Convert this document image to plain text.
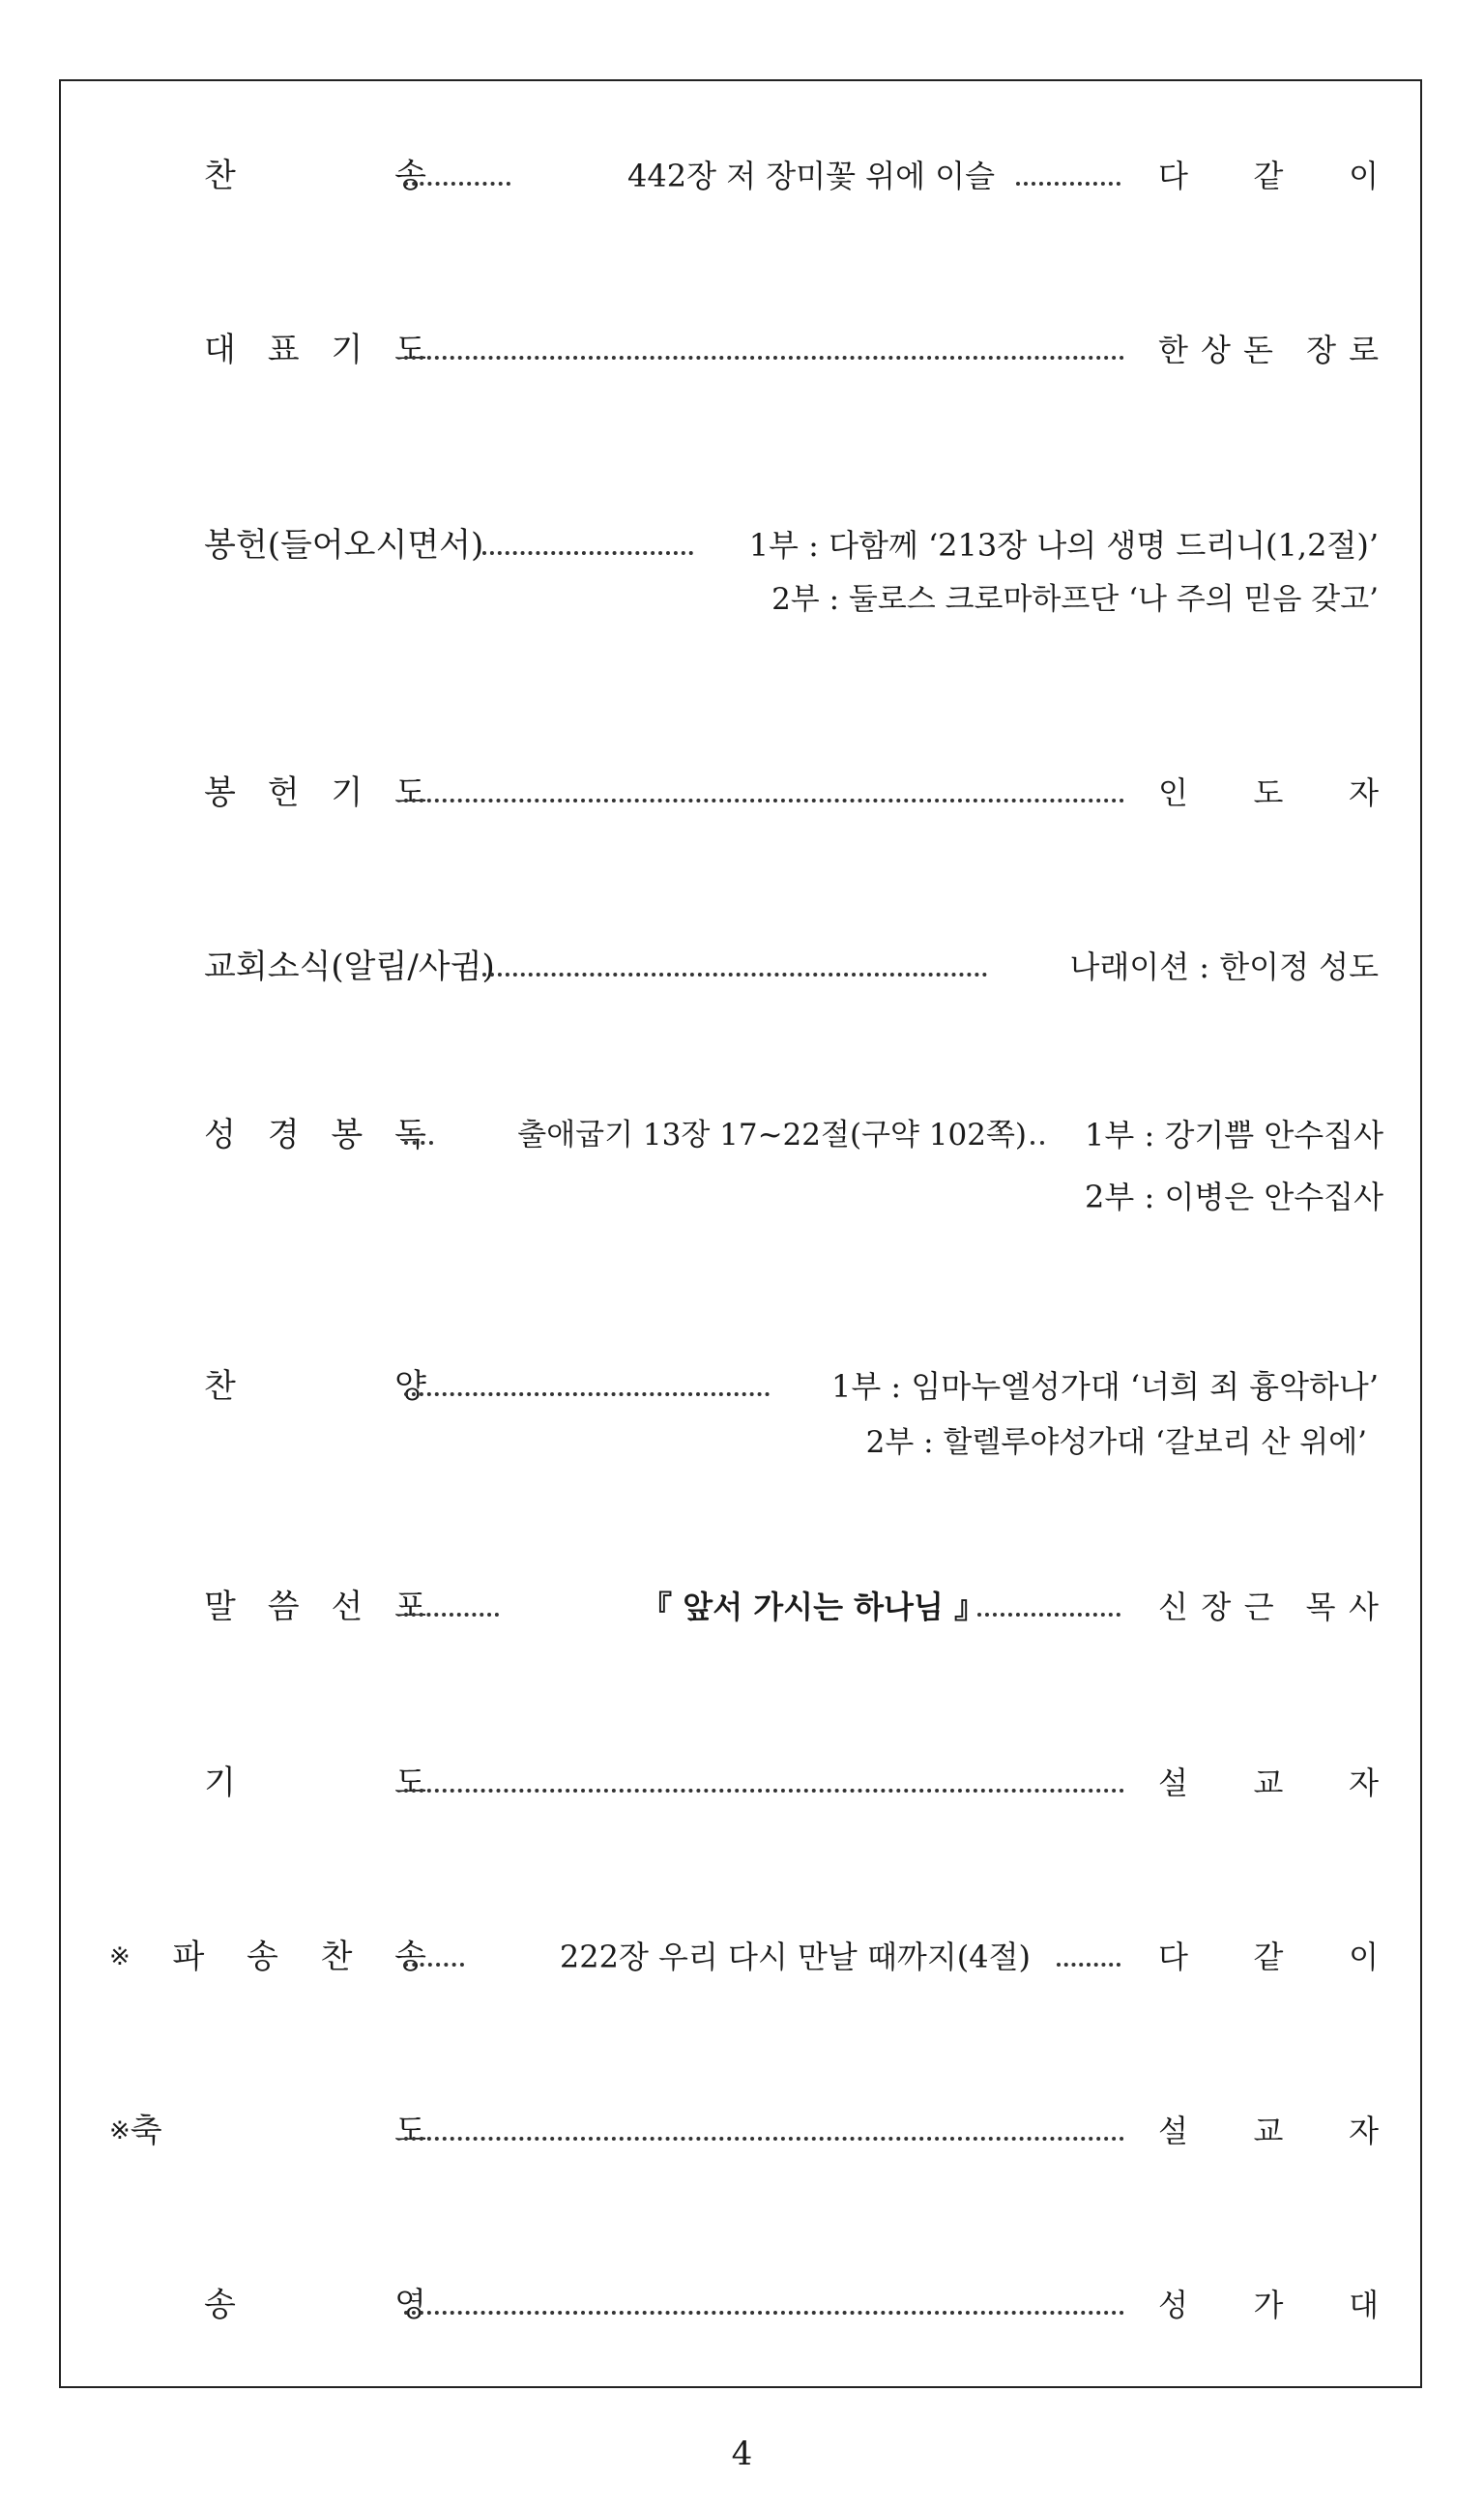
찬	송	442장 저 장미꽃 위에 이슬	다 같 이
대 표 기 도	한 상 돈 장 로
봉헌(들어오시면서)	1부 : 다함께 ‘213장 나의 생명 드리니(1,2절)’
2부 : 둘로스 크로마하프단 ‘나 주의 믿음 갖고’
봉 헌 기 도	인 도 자
교회소식(알림/사귐)	나래이션 : 한이정 성도
성 경 봉 독	출애굽기 13장 17~22절(구약 102쪽) 1부 : 강기쁨 안수집사
2부 : 이병은 안수집사
찬	양	1부 : 임마누엘성가대 ‘너희 죄 흉악하나’
2부 : 할렐루야성가대 ‘갈보리 산 위에’
말 씀 선 포	『 앞서 가시는 하나님 』	신 장 근 목 사
기	도	설 교 자
※ 파 송 찬 송	222장 우리 다시 만날 때까지(4절)	다 같 이
※ 축	도	설 교 자
송	영	성 가 대
4
